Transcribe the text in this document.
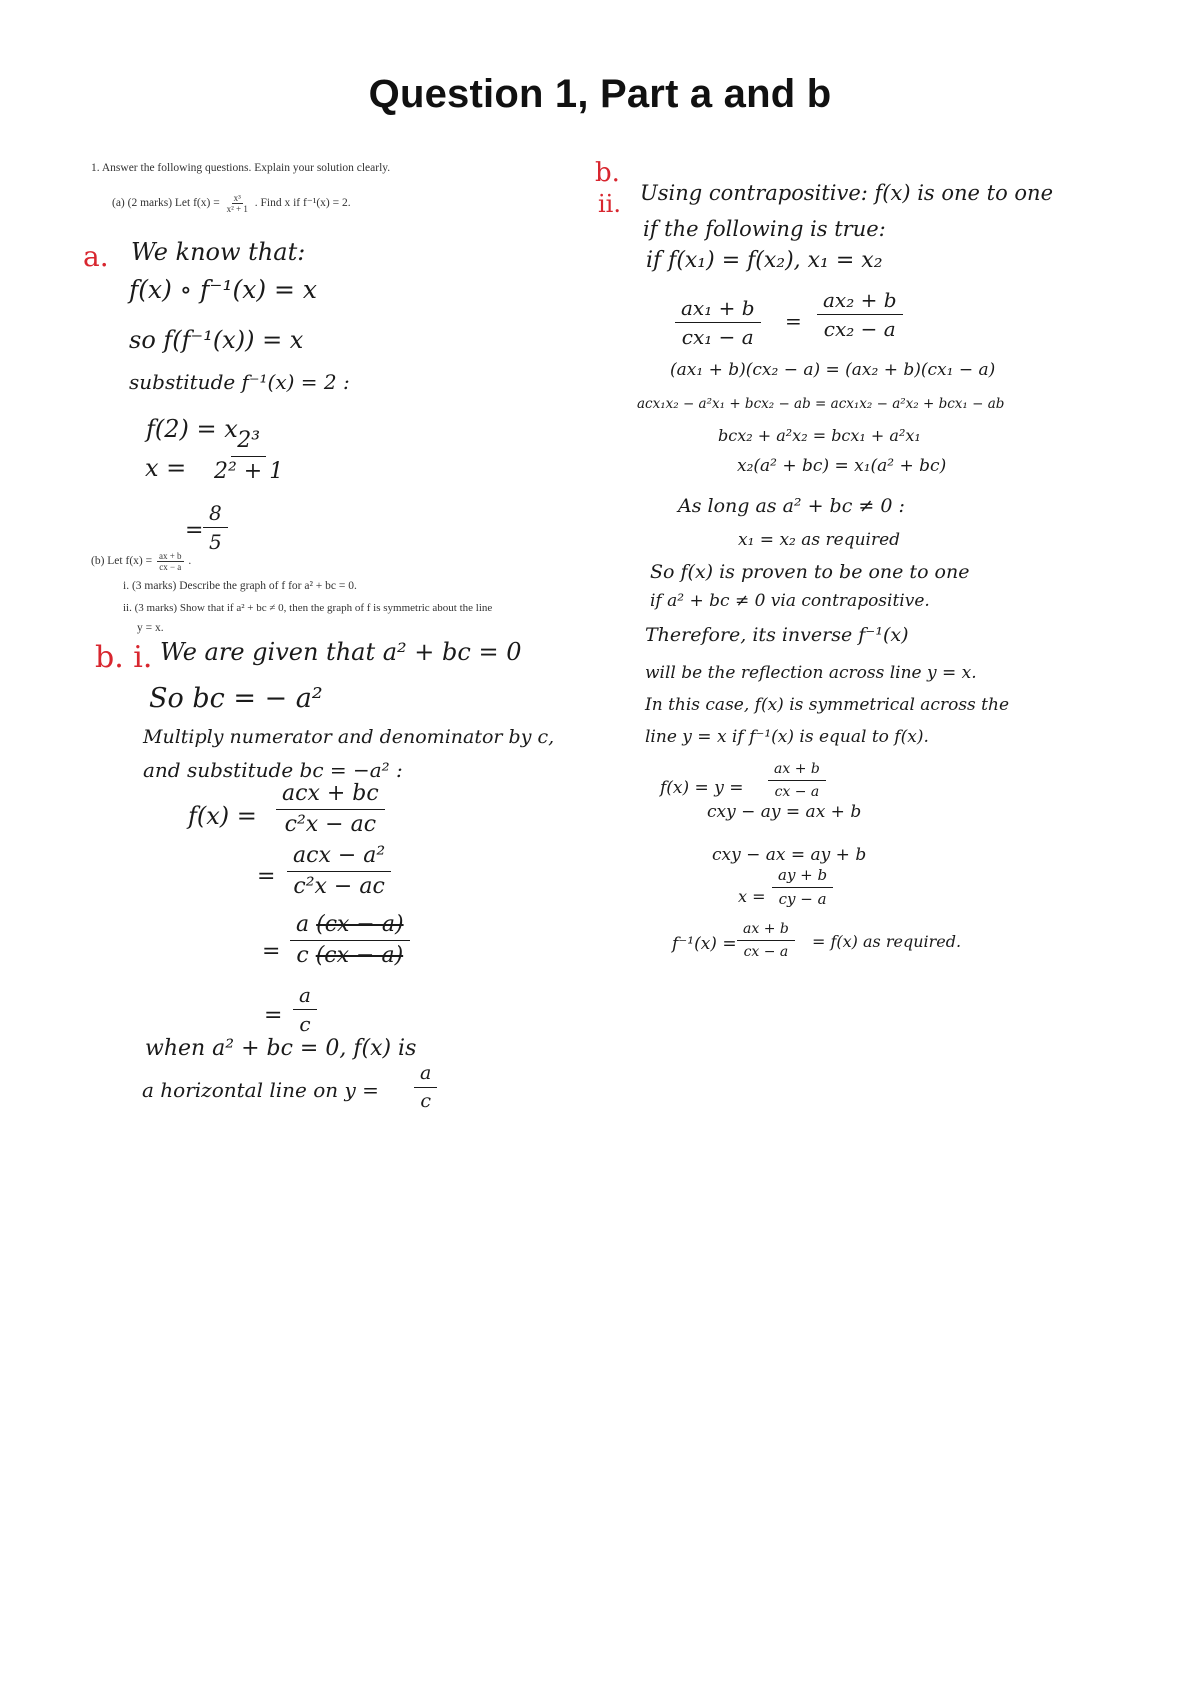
Question 1, Part a and b
1. Answer the following questions. Explain your solution clearly.
(a) (2 marks) Let $f(x) = \frac{\text{x³}}{\text{x² + 1}}$ . Find x if f⁻¹(x) = 2.
(b) Let $f(x) = \frac{ax + b}{cx - a}$ .
i. (3 marks) Describe the graph of f for a² + bc = 0.
ii. (3 marks) Show that if a² + bc ≠ 0, then the graph of f is symmetric about the line
y = x.
a. We know that:
f(x) ∘ f⁻¹(x) = x
so f(f⁻¹(x)) = x
substitude f⁻¹(x) = 2 :
f(2) = x
$x = \frac{\text{2³}}{\text{2² + 1}}$
= $\frac{8}{5}$
b. i. We are given that a² + bc = 0
So bc = − a²
Multiply numerator and denominator by c,
and substitude bc = −a² :
f(x) =
acx + bc
c²x − ac
=
acx − a²
c²x − ac
= $\frac{a (cx - a)}{c (cx - a)}$
= $\frac{a}{c}$
when a² + bc = 0, f(x) is
a horizontal line on $y = \frac{a}{c}$
b.
ii. Using contrapositive: f(x) is one to one
if the following is true:
if f(x₁) = f(x₂), x₁ = x₂
$\frac{\text{ax₁ + b}}{\text{cx₁ − a}} = \frac{\text{ax₂ + b}}{\text{cx₂ − a}}$
(ax₁ + b)(cx₂ − a) = (ax₂ + b)(cx₁ − a)
acx₁x₂ − a²x₁ + bcx₂ − ab = acx₁x₂ − a²x₂ + bcx₁ − ab
bcx₂ + a²x₂ = bcx₁ + a²x₁
x₂(a² + bc) = x₁(a² + bc)
As long as a² + bc ≠ 0 :
x₁ = x₂ as required
So f(x) is proven to be one to one
if a² + bc ≠ 0 via contrapositive.
Therefore, its inverse f⁻¹(x)
will be the reflection across line y = x.
In this case, f(x) is symmetrical across the
line y = x if f⁻¹(x) is equal to f(x).
$f(x) = y = \frac{ax + b}{cx - a}$
cxy − ay = ax + b
cxy − ax = ay + b
$x = \frac{ay + b}{cy - a}$
$f^{-1}(x) = \frac{ax + b}{cx - a} = f(x)$ as required.
